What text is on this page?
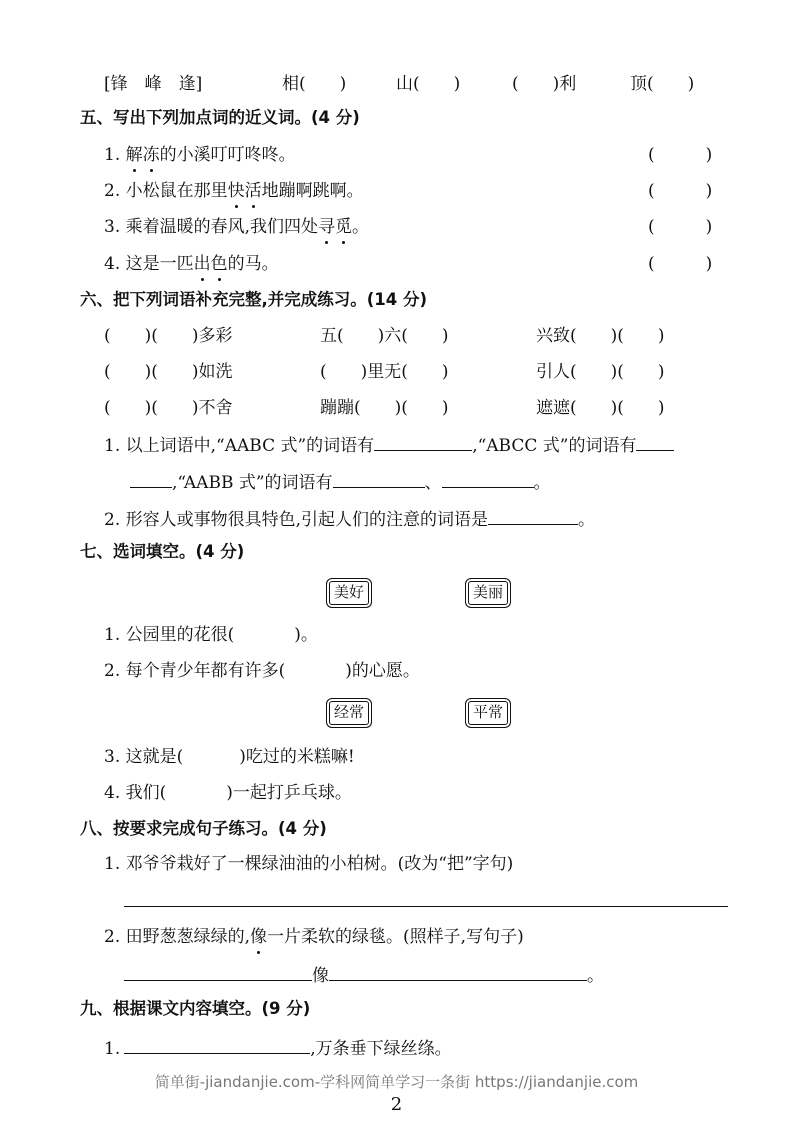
[锋　峰　逢]	相(　　)	山(　　)	(　　)利	顶(　　)
五、写出下列加点词的近义词。(4 分)
1. 解冻的小溪叮叮咚咚。	(　　　)
2. 小松鼠在那里快活地蹦啊跳啊。	(　　　)
3. 乘着温暖的春风,我们四处寻觅。	(　　　)
4. 这是一匹出色的马。	(　　　)
六、把下列词语补充完整,并完成练习。(14 分)
(　　)(　　)多彩	五(　　)六(　　)	兴致(　　)(　　)
(　　)(　　)如洗	(　　)里无(　　)	引人(　　)(　　)
(　　)(　　)不舍	蹦蹦(　　)(　　)	遮遮(　　)(　　)
1. 以上词语中,“AABC 式”的词语有	,“ABCC 式”的词语有
,“AABB 式”的词语有	、	。
2. 形容人或事物很具特色,引起人们的注意的词语是	。
七、选词填空。(4 分)
美好	美丽
1. 公园里的花很(	)。
2. 每个青少年都有许多(	)的心愿。
经常	平常
3. 这就是(	)吃过的米糕嘛!
4. 我们(	)一起打乒乓球。
八、按要求完成句子练习。(4 分)
1. 邓爷爷栽好了一棵绿油油的小柏树。(改为“把”字句)
2. 田野葱葱绿绿的,像一片柔软的绿毯。(照样子,写句子)
像	。
九、根据课文内容填空。(9 分)
1.	,万条垂下绿丝绦。
简单街-jiandanjie.com-学科网简单学习一条街 https://jiandanjie.com
2
